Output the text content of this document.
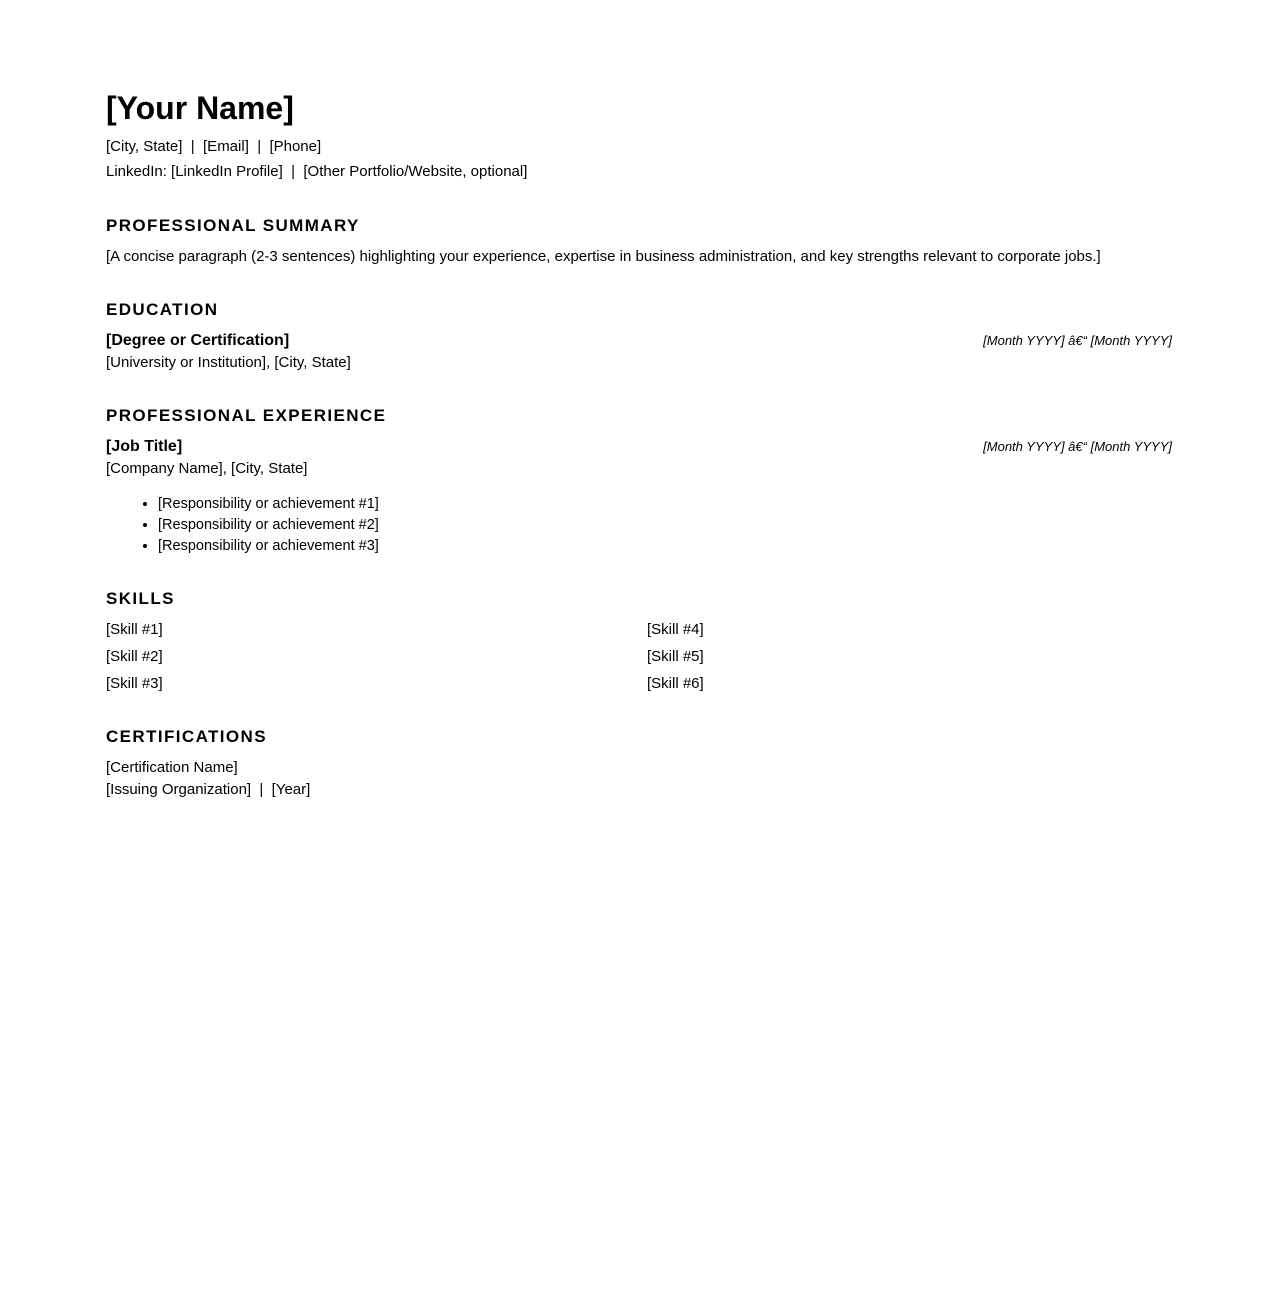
[Your Name]
[City, State] | [Email] | [Phone]
LinkedIn: [LinkedIn Profile] | [Other Portfolio/Website, optional]
PROFESSIONAL SUMMARY
[A concise paragraph (2-3 sentences) highlighting your experience, expertise in business administration, and key strengths relevant to corporate jobs.]
EDUCATION
[Degree or Certification]	[Month YYYY] â€“ [Month YYYY]
[University or Institution], [City, State]
PROFESSIONAL EXPERIENCE
[Job Title]	[Month YYYY] â€“ [Month YYYY]
[Company Name], [City, State]
• [Responsibility or achievement #1]
• [Responsibility or achievement #2]
• [Responsibility or achievement #3]
SKILLS
[Skill #1]	[Skill #4]
[Skill #2]	[Skill #5]
[Skill #3]	[Skill #6]
CERTIFICATIONS
[Certification Name]
[Issuing Organization] | [Year]
